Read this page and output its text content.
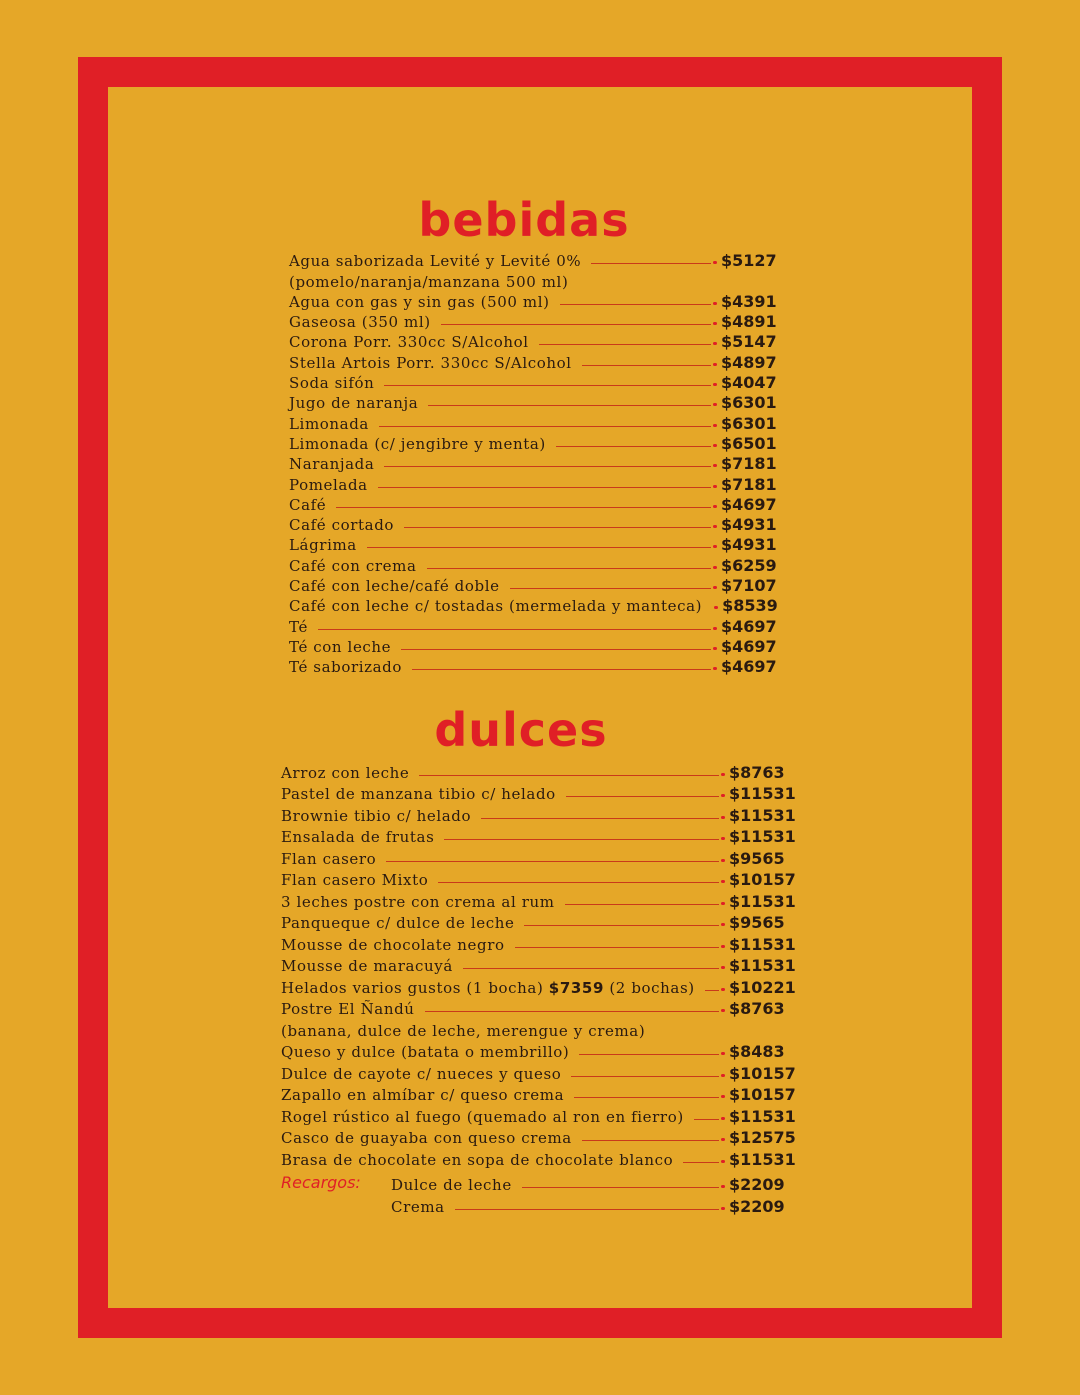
bebidas
Agua saborizada Levité y Levité 0%	$5127
(pomelo/naranja/manzana 500 ml)
Agua con gas y sin gas (500 ml)	$4391
Gaseosa (350 ml)	$4891
Corona Porr. 330cc S/Alcohol	$5147
Stella Artois Porr. 330cc S/Alcohol	$4897
Soda sifón	$4047
Jugo de naranja	$6301
Limonada	$6301
Limonada (c/ jengibre y menta)	$6501
Naranjada	$7181
Pomelada	$7181
Café	$4697
Café cortado	$4931
Lágrima	$4931
Café con crema	$6259
Café con leche/café doble	$7107
Café con leche c/ tostadas (mermelada y manteca)	$8539
Té	$4697
Té con leche	$4697
Té saborizado	$4697
dulces
Arroz con leche	$8763
Pastel de manzana tibio c/ helado	$11531
Brownie tibio c/ helado	$11531
Ensalada de frutas	$11531
Flan casero	$9565
Flan casero Mixto	$10157
3 leches postre con crema al rum	$11531
Panqueque c/ dulce de leche	$9565
Mousse de chocolate negro	$11531
Mousse de maracuyá	$11531
Helados varios gustos (1 bocha) $7359 (2 bochas)	$10221
Postre El Ñandú	$8763
(banana, dulce de leche, merengue y crema)
Queso y dulce (batata o membrillo)	$8483
Dulce de cayote c/ nueces y queso	$10157
Zapallo en almíbar c/ queso crema	$10157
Rogel rústico al fuego (quemado al ron en fierro)	$11531
Casco de guayaba con queso crema	$12575
Brasa de chocolate en sopa de chocolate blanco	$11531
Recargos: Dulce de leche	$2209
Crema	$2209
